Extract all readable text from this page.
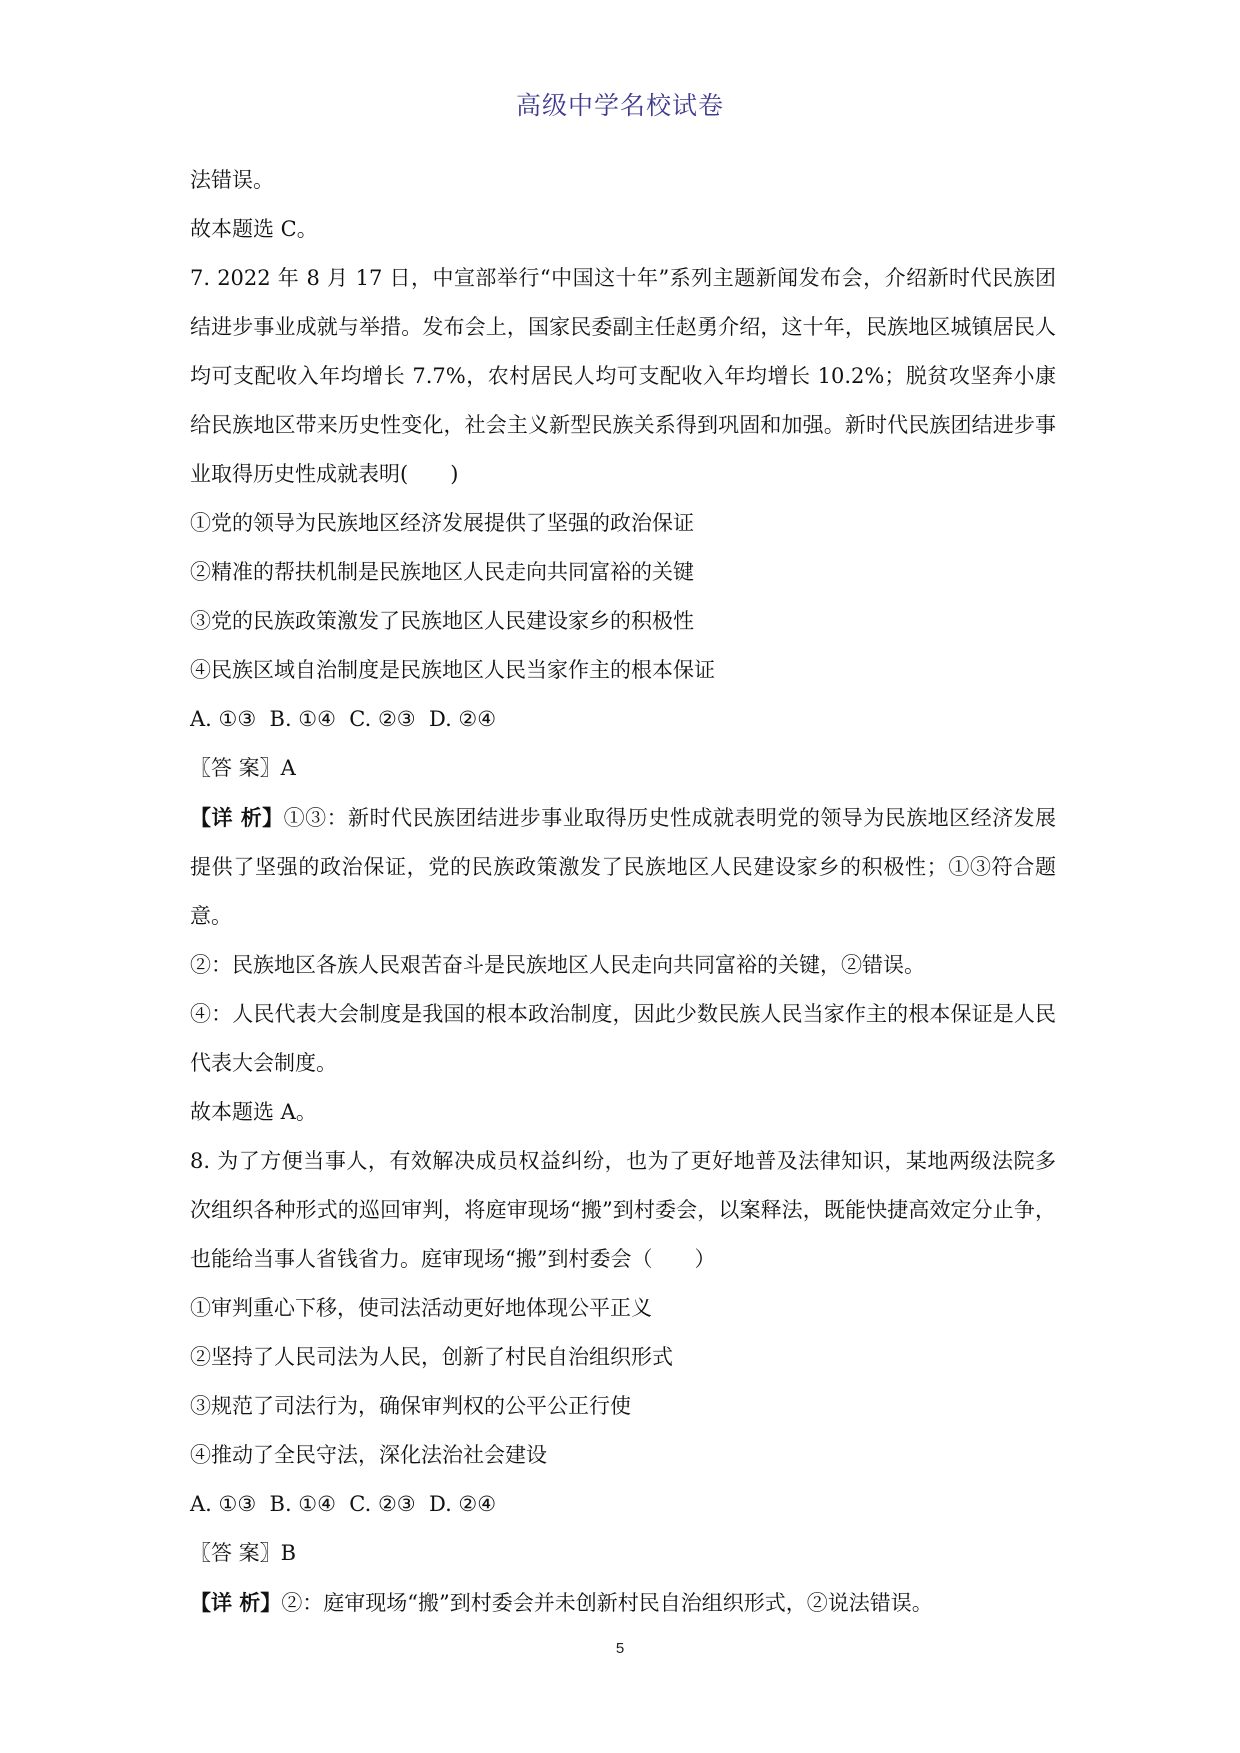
高级中学名校试卷

法错误。

故本题选 C。

7. 2022 年 8 月 17 日，中宣部举行“中国这十年”系列主题新闻发布会，介绍新时代民族团结进步事业成就与举措。发布会上，国家民委副主任赵勇介绍，这十年，民族地区城镇居民人均可支配收入年均增长 7.7%，农村居民人均可支配收入年均增长 10.2%；脱贫攻坚奔小康给民族地区带来历史性变化，社会主义新型民族关系得到巩固和加强。新时代民族团结进步事业取得历史性成就表明(　　)

①党的领导为民族地区经济发展提供了坚强的政治保证

②精准的帮扶机制是民族地区人民走向共同富裕的关键

③党的民族政策激发了民族地区人民建设家乡的积极性

④民族区域自治制度是民族地区人民当家作主的根本保证

A. ①③  B. ①④  C. ②③  D. ②④

〖答 案〗A

【详 析】①③：新时代民族团结进步事业取得历史性成就表明党的领导为民族地区经济发展提供了坚强的政治保证，党的民族政策激发了民族地区人民建设家乡的积极性；①③符合题意。

②：民族地区各族人民艰苦奋斗是民族地区人民走向共同富裕的关键，②错误。

④：人民代表大会制度是我国的根本政治制度，因此少数民族人民当家作主的根本保证是人民代表大会制度。

故本题选 A。

8. 为了方便当事人，有效解决成员权益纠纷，也为了更好地普及法律知识，某地两级法院多次组织各种形式的巡回审判，将庭审现场“搬”到村委会，以案释法，既能快捷高效定分止争，也能给当事人省钱省力。庭审现场“搬”到村委会（　　）

①审判重心下移，使司法活动更好地体现公平正义

②坚持了人民司法为人民，创新了村民自治组织形式

③规范了司法行为，确保审判权的公平公正行使

④推动了全民守法，深化法治社会建设

A. ①③  B. ①④  C. ②③  D. ②④

〖答 案〗B

【详 析】②：庭审现场“搬”到村委会并未创新村民自治组织形式，②说法错误。

5
